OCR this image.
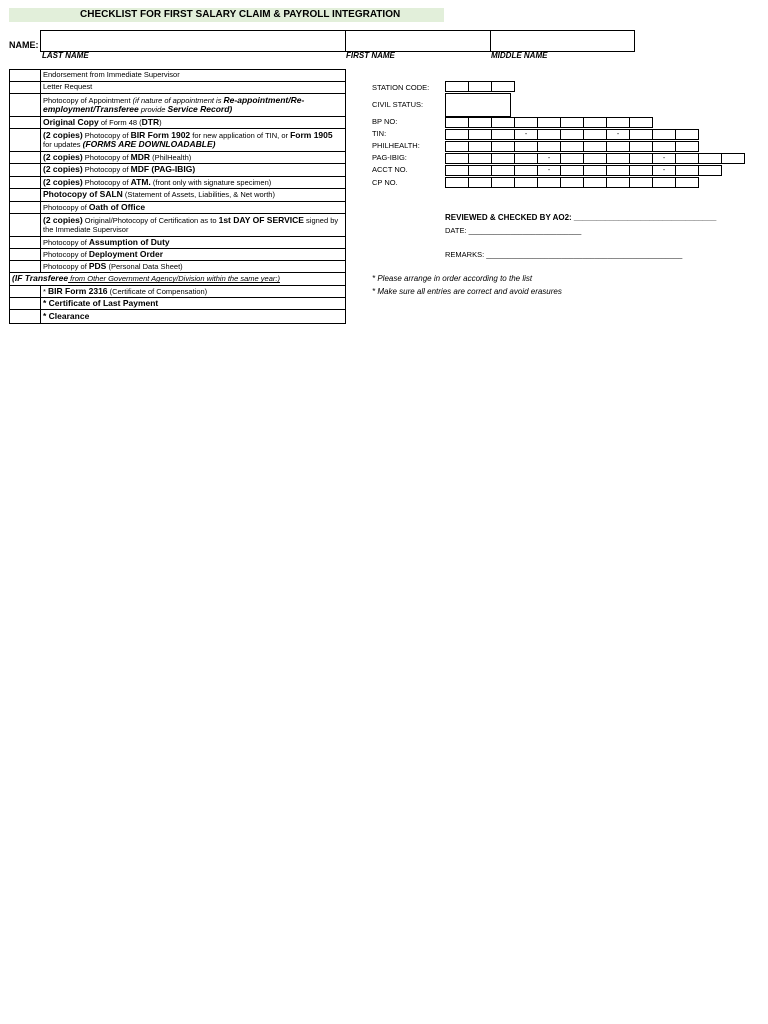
CHECKLIST FOR FIRST SALARY CLAIM & PAYROLL INTEGRATION
NAME:
LAST NAME	FIRST NAME	MIDDLE NAME
Endorsement from Immediate Supervisor
Letter Request
Photocopy of Appointment (if nature of appointment is Re-appointment/Re-employment/Transferee provide Service Record)
Original Copy of Form 48 (DTR)
(2 copies) Photocopy of BIR Form 1902 for new application of TIN, or Form 1905 for updates (FORMS ARE DOWNLOADABLE)
(2 copies) Photocopy of MDR (PhilHealth)
(2 copies) Photocopy of MDF (PAG-IBIG)
(2 copies) Photocopy of ATM. (front only with signature specimen)
Photocopy of SALN (Statement of Assets, Liabilities, & Net worth)
Photocopy of Oath of Office
(2 copies) Original/Photocopy of Certification as to 1st DAY OF SERVICE signed by the Immediate Supervisor
Photocopy of Assumption of Duty
Photocopy of Deployment Order
Photocopy of PDS (Personal Data Sheet)
(IF Transferee from Other Government Agency/Division within the same year:)
* BIR Form 2316 (Certificate of Compensation)
* Certificate of Last Payment
* Clearance
STATION CODE:
CIVIL STATUS:
BP NO:
TIN:	-	-
PHILHEALTH:
PAG-IBIG:	-	-
ACCT NO.	-	-
CP NO.
REVIEWED & CHECKED BY AO2: ________________________________
DATE: ___________________________
REMARKS: _______________________________________________
* Please arrange in order according to the list
* Make sure all entries are correct and avoid erasures
